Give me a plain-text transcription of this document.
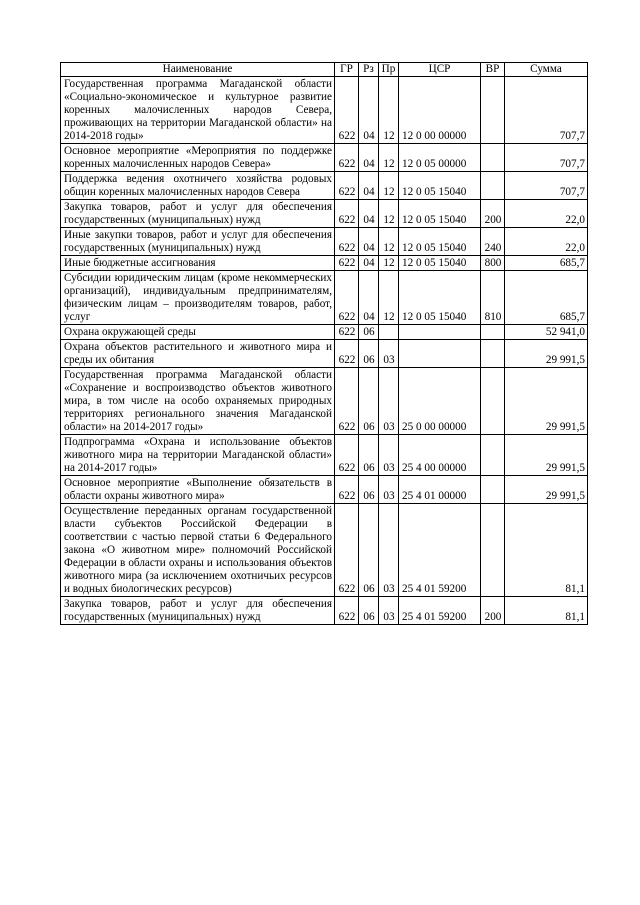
Наименование	ГР	Рз	Пр	ЦСР	ВР	Сумма
Государственная программа Магаданской области «Социально-экономическое и культурное развитие коренных малочисленных народов Севера, проживающих на территории Магаданской области» на 2014-2018 годы»	622	04	12	12 0 00 00000		707,7
Основное мероприятие «Мероприятия по поддержке коренных малочисленных народов Севера»	622	04	12	12 0 05 00000		707,7
Поддержка ведения охотничего хозяйства родовых общин коренных малочисленных народов Севера	622	04	12	12 0 05 15040		707,7
Закупка товаров, работ и услуг для обеспечения государственных (муниципальных) нужд	622	04	12	12 0 05 15040	200	22,0
Иные закупки товаров, работ и услуг для обеспечения государственных (муниципальных) нужд	622	04	12	12 0 05 15040	240	22,0
Иные бюджетные ассигнования	622	04	12	12 0 05 15040	800	685,7
Субсидии юридическим лицам (кроме некоммерческих организаций), индивидуальным предпринимателям, физическим лицам – производителям товаров, работ, услуг	622	04	12	12 0 05 15040	810	685,7
Охрана окружающей среды	622	06				52 941,0
Охрана объектов растительного и животного мира и среды их обитания	622	06	03			29 991,5
Государственная программа Магаданской области «Сохранение и воспроизводство объектов животного мира, в том числе на особо охраняемых природных территориях регионального значения Магаданской области» на 2014-2017 годы»	622	06	03	25 0 00 00000		29 991,5
Подпрограмма «Охрана и использование объектов животного мира на территории Магаданской области» на 2014-2017 годы»	622	06	03	25 4 00 00000		29 991,5
Основное мероприятие «Выполнение обязательств в области охраны животного мира»	622	06	03	25 4 01 00000		29 991,5
Осуществление переданных органам государственной власти субъектов Российской Федерации в соответствии с частью первой статьи 6 Федерального закона «О животном мире» полномочий Российской Федерации в области охраны и использования объектов животного мира (за исключением охотничьих ресурсов и водных биологических ресурсов)	622	06	03	25 4 01 59200		81,1
Закупка товаров, работ и услуг для обеспечения государственных (муниципальных) нужд	622	06	03	25 4 01 59200	200	81,1
